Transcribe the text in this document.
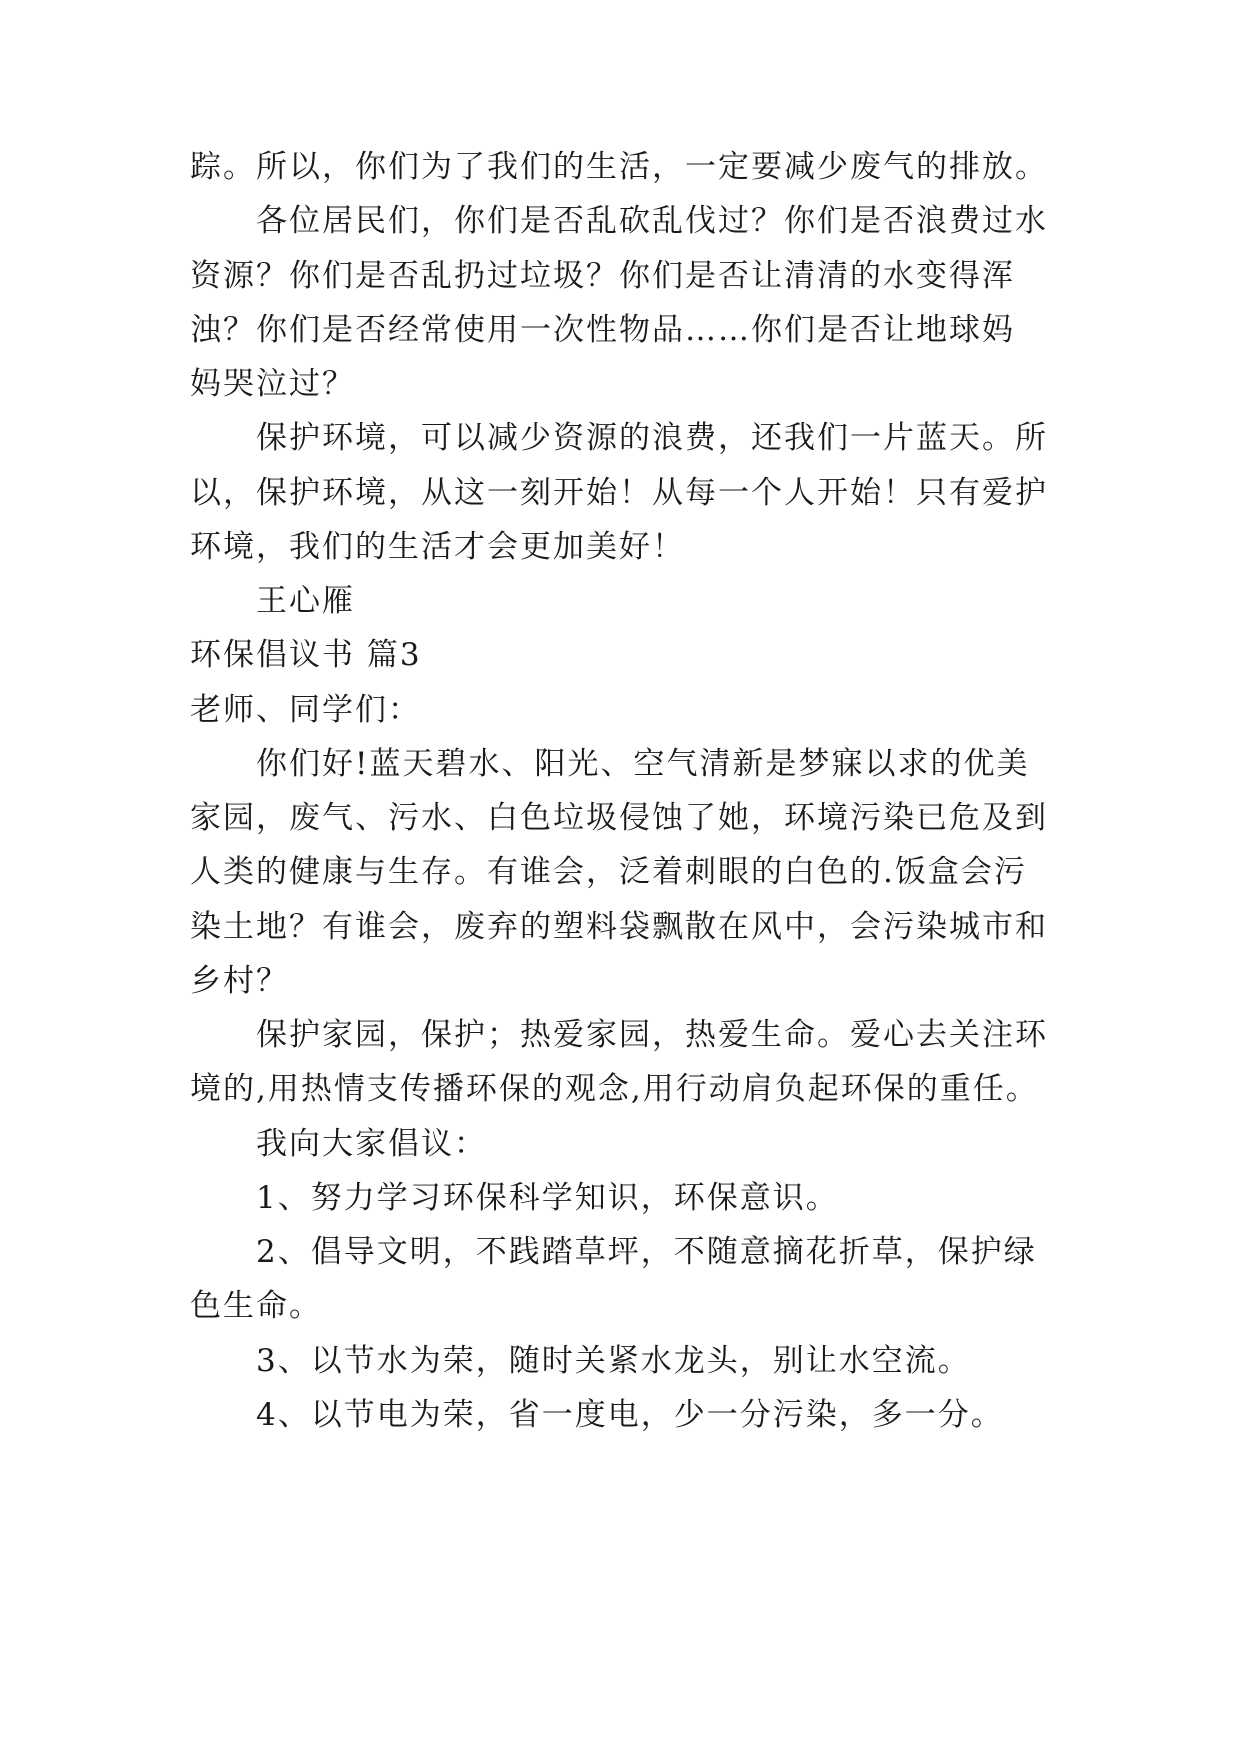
踪。所以，你们为了我们的生活，一定要减少废气的排放。
各位居民们，你们是否乱砍乱伐过？你们是否浪费过水
资源？你们是否乱扔过垃圾？你们是否让清清的水变得浑
浊？你们是否经常使用一次性物品……你们是否让地球妈
妈哭泣过？
保护环境，可以减少资源的浪费，还我们一片蓝天。所
以，保护环境，从这一刻开始！从每一个人开始！只有爱护
环境，我们的生活才会更加美好！
王心雁
环保倡议书 篇3
老师、同学们：
你们好!蓝天碧水、阳光、空气清新是梦寐以求的优美
家园，废气、污水、白色垃圾侵蚀了她，环境污染已危及到
人类的健康与生存。有谁会，泛着刺眼的白色的.饭盒会污
染土地？有谁会，废弃的塑料袋飘散在风中，会污染城市和
乡村？
保护家园，保护；热爱家园，热爱生命。爱心去关注环
境的,用热情支传播环保的观念,用行动肩负起环保的重任。
我向大家倡议：
1、努力学习环保科学知识，环保意识。
2、倡导文明，不践踏草坪，不随意摘花折草，保护绿
色生命。
3、以节水为荣，随时关紧水龙头，别让水空流。
4、以节电为荣，省一度电，少一分污染，多一分。
